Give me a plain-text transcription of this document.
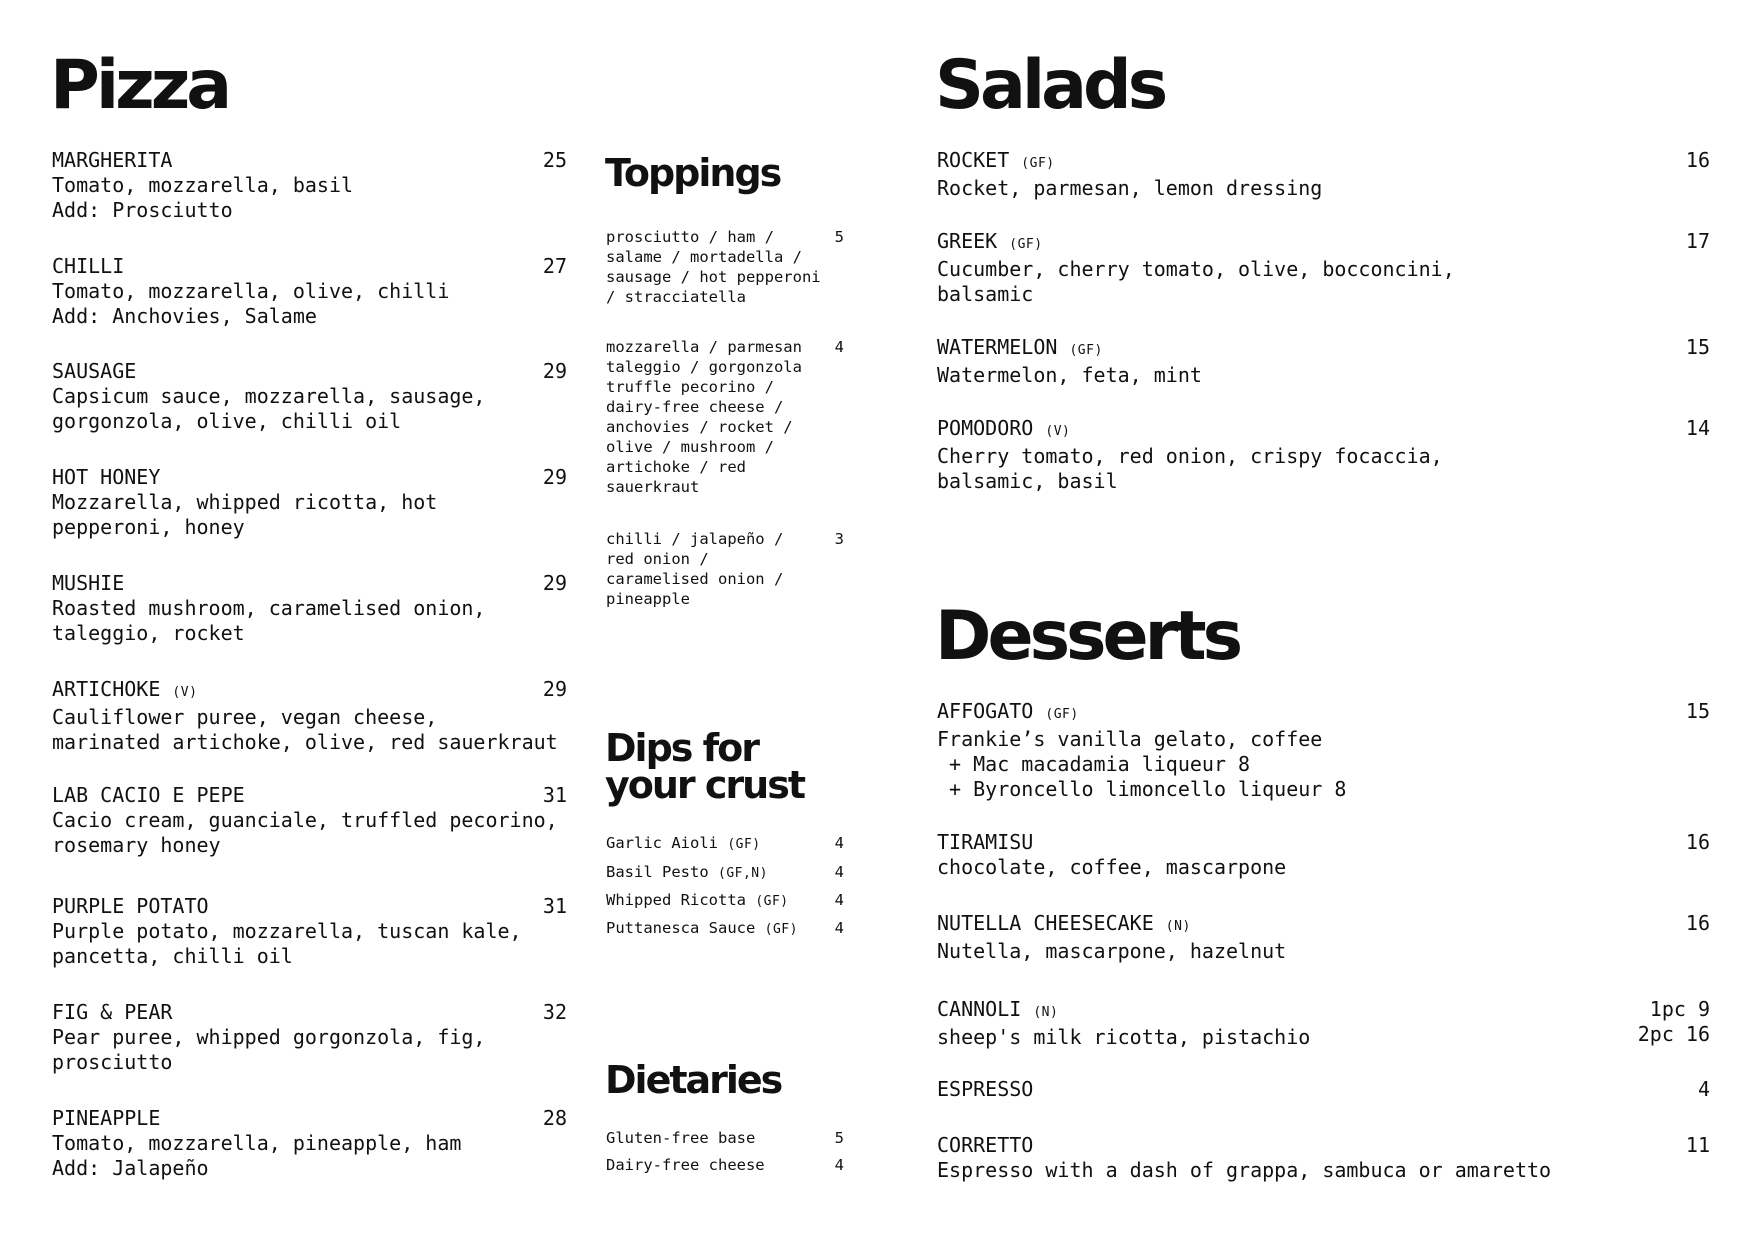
Pizza
MARGHERITA	25
Tomato, mozzarella, basil
Add: Prosciutto
CHILLI	27
Tomato, mozzarella, olive, chilli
Add: Anchovies, Salame
SAUSAGE	29
Capsicum sauce, mozzarella, sausage,
gorgonzola, olive, chilli oil
HOT HONEY	29
Mozzarella, whipped ricotta, hot
pepperoni, honey
MUSHIE	29
Roasted mushroom, caramelised onion,
taleggio, rocket
ARTICHOKE (V)	29
Cauliflower puree, vegan cheese,
marinated artichoke, olive, red sauerkraut
LAB CACIO E PEPE	31
Cacio cream, guanciale, truffled pecorino,
rosemary honey
PURPLE POTATO	31
Purple potato, mozzarella, tuscan kale,
pancetta, chilli oil
FIG & PEAR	32
Pear puree, whipped gorgonzola, fig,
prosciutto
PINEAPPLE	28
Tomato, mozzarella, pineapple, ham
Add: Jalapeño
Toppings
prosciutto / ham /
salame / mortadella /
sausage / hot pepperoni
/ stracciatella
5
mozzarella / parmesan
taleggio / gorgonzola
truffle pecorino /
dairy-free cheese /
anchovies / rocket /
olive / mushroom /
artichoke / red
sauerkraut
4
chilli / jalapeño /
red onion /
caramelised onion /
pineapple
3
Dips for
your crust
Garlic Aioli (GF)	4
Basil Pesto (GF,N)	4
Whipped Ricotta (GF)	4
Puttanesca Sauce (GF) 4
Dietaries
Gluten-free base	5
Dairy-free cheese	4
Salads
ROCKET (GF)	16
Rocket, parmesan, lemon dressing
GREEK (GF)	17
Cucumber, cherry tomato, olive, bocconcini,
balsamic
WATERMELON (GF)	15
Watermelon, feta, mint
POMODORO (V)	14
Cherry tomato, red onion, crispy focaccia,
balsamic, basil
Desserts
AFFOGATO (GF)	15
Frankie’s vanilla gelato, coffee
+ Mac macadamia liqueur 8
+ Byroncello limoncello liqueur 8
TIRAMISU	16
chocolate, coffee, mascarpone
NUTELLA CHEESECAKE (N)	16
Nutella, mascarpone, hazelnut
CANNOLI (N)
sheep's milk ricotta, pistachio
1pc 9
2pc 16
ESPRESSO	4
CORRETTO	11
Espresso with a dash of grappa, sambuca or amaretto
